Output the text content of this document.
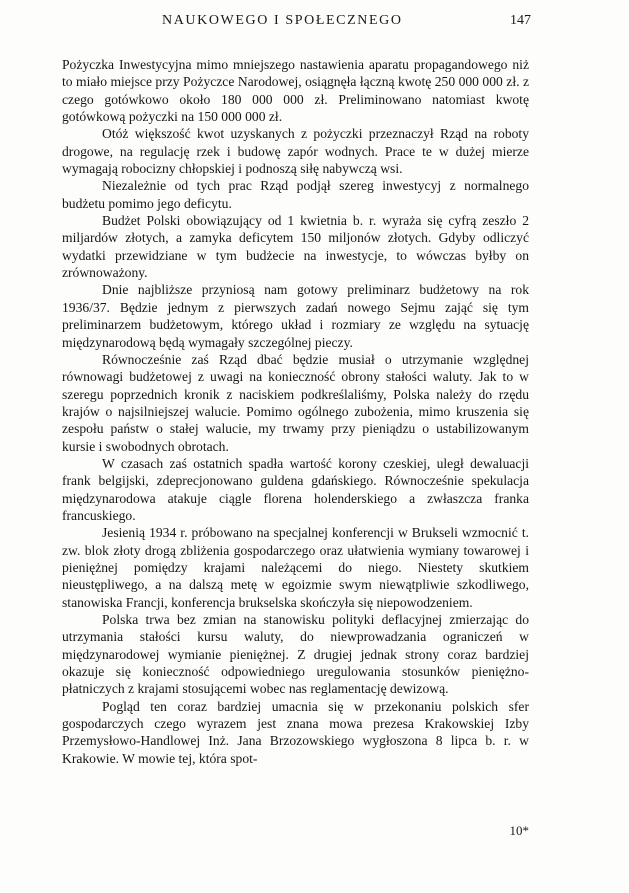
NAUKOWEGO I SPOŁECZNEGO	147

Pożyczka Inwestycyjna mimo mniejszego nastawienia aparatu propagandowego niż to miało miejsce przy Pożyczce Narodowej, osiągnęła łączną kwotę 250 000 000 zł. z czego gotówkowo około 180 000 000 zł. Preliminowano natomiast kwotę gotówkową pożyczki na 150 000 000 zł.

Otóż większość kwot uzyskanych z pożyczki przeznaczył Rząd na roboty drogowe, na regulację rzek i budowę zapór wodnych. Prace te w dużej mierze wymagają robocizny chłopskiej i podnoszą siłę nabywczą wsi.

Niezależnie od tych prac Rząd podjął szereg inwestycyj z normalnego budżetu pomimo jego deficytu.

Budżet Polski obowiązujący od 1 kwietnia b. r. wyraża się cyfrą zeszło 2 miljardów złotych, a zamyka deficytem 150 miljonów złotych. Gdyby odliczyć wydatki przewidziane w tym budżecie na inwestycje, to wówczas byłby on zrównoważony.

Dnie najbliższe przyniosą nam gotowy preliminarz budżetowy na rok 1936/37. Będzie jednym z pierwszych zadań nowego Sejmu zająć się tym preliminarzem budżetowym, którego układ i rozmiary ze względu na sytuację międzynarodową będą wymagały szczególnej pieczy.

Równocześnie zaś Rząd dbać będzie musiał o utrzymanie względnej równowagi budżetowej z uwagi na konieczność obrony stałości waluty. Jak to w szeregu poprzednich kronik z naciskiem podkreślaliśmy, Polska należy do rzędu krajów o najsilniejszej walucie. Pomimo ogólnego zubożenia, mimo kruszenia się zespołu państw o stałej walucie, my trwamy przy pieniądzu o ustabilizowanym kursie i swobodnych obrotach.

W czasach zaś ostatnich spadła wartość korony czeskiej, uległ dewaluacji frank belgijski, zdeprecjonowano guldena gdańskiego. Równocześnie spekulacja międzynarodowa atakuje ciągle florena holenderskiego a zwłaszcza franka francuskiego.

Jesienią 1934 r. próbowano na specjalnej konferencji w Brukseli wzmocnić t. zw. blok złoty drogą zbliżenia gospodarczego oraz ułatwienia wymiany towarowej i pieniężnej pomiędzy krajami należącemi do niego. Niestety skutkiem nieustępliwego, a na dalszą metę w egoizmie swym niewątpliwie szkodliwego, stanowiska Francji, konferencja brukselska skończyła się niepowodzeniem.

Polska trwa bez zmian na stanowisku polityki deflacyjnej zmierzając do utrzymania stałości kursu waluty, do niewprowadzania ograniczeń w międzynarodowej wymianie pieniężnej. Z drugiej jednak strony coraz bardziej okazuje się konieczność odpowiedniego uregulowania stosunków pieniężno-płatniczych z krajami stosującemi wobec nas reglamentację dewizową.

Pogląd ten coraz bardziej umacnia się w przekonaniu polskich sfer gospodarczych czego wyrazem jest znana mowa prezesa Krakowskiej Izby Przemysłowo-Handlowej Inż. Jana Brzozowskiego wygłoszona 8 lipca b. r. w Krakowie. W mowie tej, która spot-

10*
